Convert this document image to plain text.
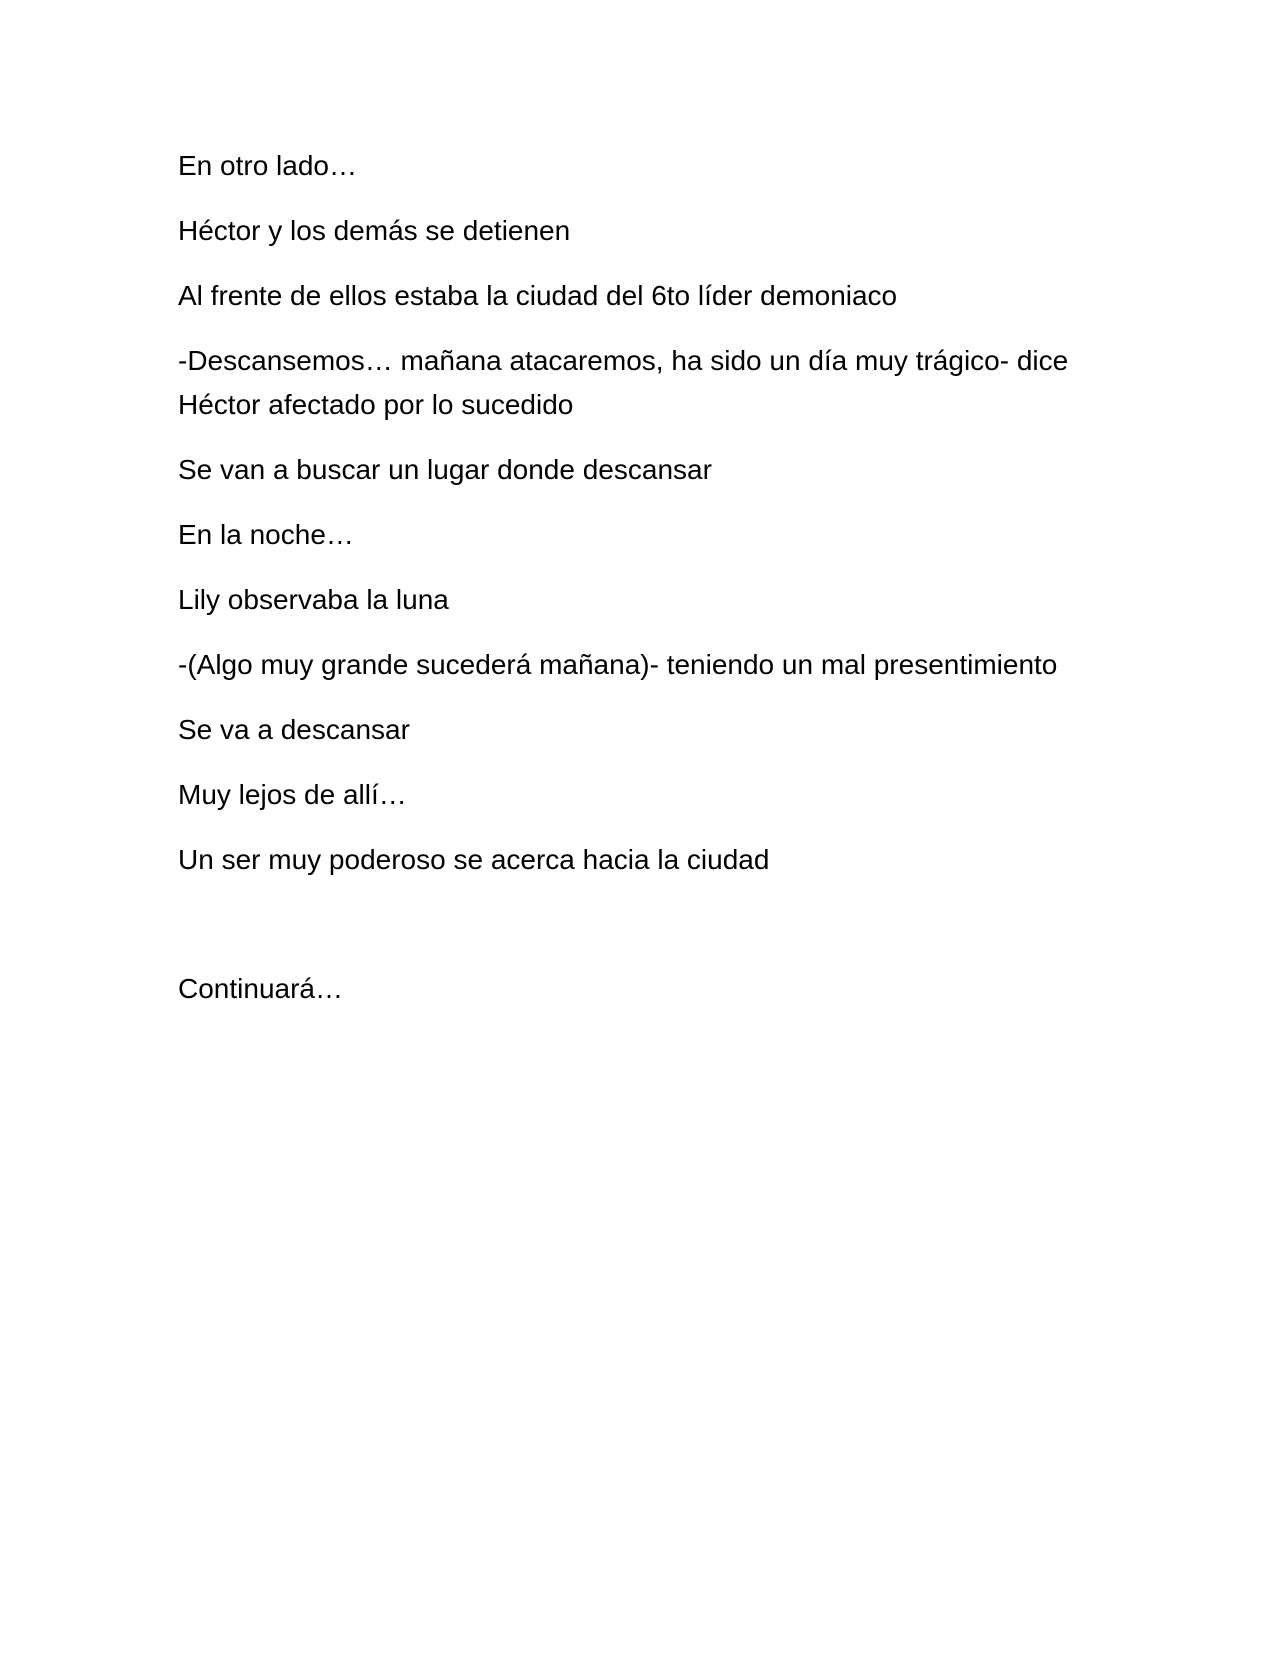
En otro lado…

Héctor y los demás se detienen

Al frente de ellos estaba la ciudad del 6to líder demoniaco

-Descansemos… mañana atacaremos, ha sido un día muy trágico- dice Héctor afectado por lo sucedido

Se van a buscar un lugar donde descansar

En la noche…

Lily observaba la luna

-(Algo muy grande sucederá mañana)- teniendo un mal presentimiento

Se va a descansar

Muy lejos de allí…

Un ser muy poderoso se acerca hacia la ciudad

Continuará…
